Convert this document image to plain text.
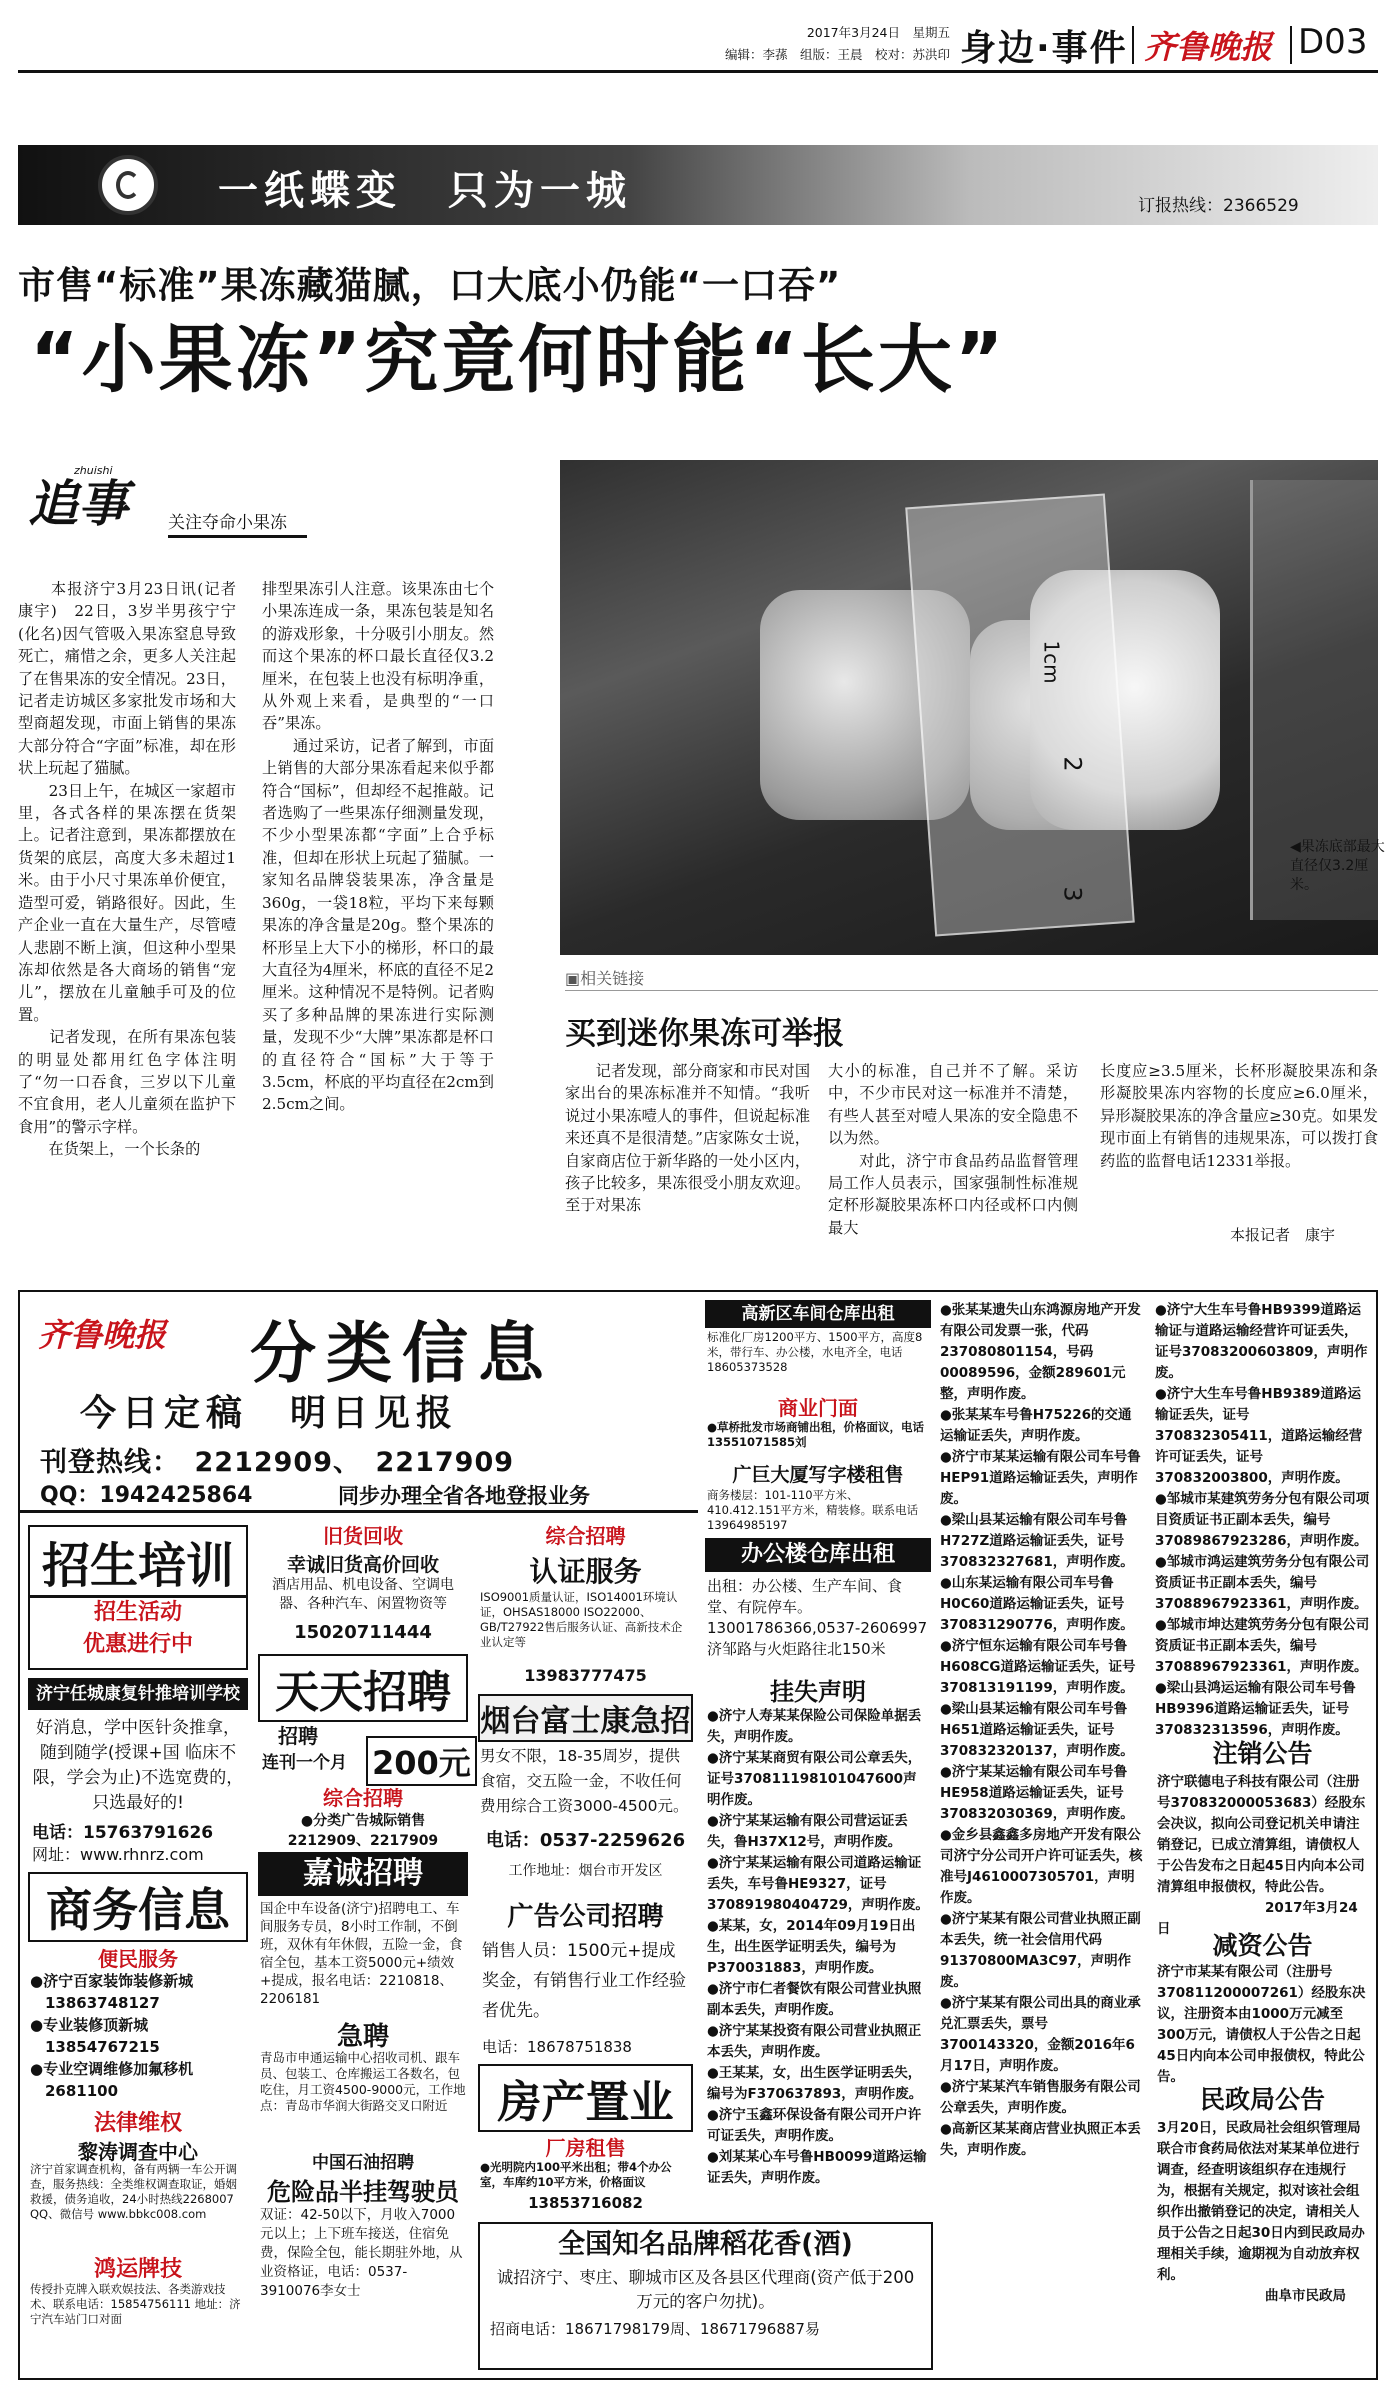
2017年3月24日　星期五
编辑：李蓀　组版：王晨　校对：苏洪印 身边·事件 齐鲁晚报 D03
一纸蝶变　只为一城	订报热线：2366529
市售“标准”果冻藏猫腻，口大底小仍能“一口吞”
“小果冻”究竟何时能“长大”
追事
zhuishi
关注夺命小果冻
　　本报济宁3月23日讯(记者　康宇)　22日，3岁半男孩宁宁(化名)因气管吸入果冻窒息导致死亡，痛惜之余，更多人关注起了在售果冻的安全情况。23日，记者走访城区多家批发市场和大型商超发现，市面上销售的果冻大部分符合“字面”标准，却在形状上玩起了猫腻。
　　23日上午，在城区一家超市里，各式各样的果冻摆在货架上。记者注意到，果冻都摆放在货架的底层，高度大多未超过1米。由于小尺寸果冻单价便宜，造型可爱，销路很好。因此，生产企业一直在大量生产，尽管噎人悲剧不断上演，但这种小型果冻却依然是各大商场的销售“宠儿”，摆放在儿童触手可及的位置。
　　记者发现，在所有果冻包装的明显处都用红色字体注明了“勿一口吞食，三岁以下儿童不宜食用，老人儿童须在监护下食用”的警示字样。
　　在货架上，一个长条的
排型果冻引人注意。该果冻由七个小果冻连成一条，果冻包装是知名的游戏形象，十分吸引小朋友。然而这个果冻的杯口最长直径仅3.2厘米，在包装上也没有标明净重，从外观上来看，是典型的“一口吞”果冻。
　　通过采访，记者了解到，市面上销售的大部分果冻看起来似乎都符合“国标”，但却经不起推敲。记者选购了一些果冻仔细测量发现，不少小型果冻都“字面”上合乎标准，但却在形状上玩起了猫腻。一家知名品牌袋装果冻，净含量是360g，一袋18粒，平均下来每颗果冻的净含量是20g。整个果冻的杯形呈上大下小的梯形，杯口的最大直径为4厘米，杯底的直径不足2厘米。这种情况不是特例。记者购买了多种品牌的果冻进行实际测量，发现不少“大牌”果冻都是杯口的直径符合“国标”大于等于3.5cm，杯底的平均直径在2cm到2.5cm之间。
1cm
2
3
◀果冻底部最大直径仅3.2厘米。
▣相关链接
买到迷你果冻可举报
　　记者发现，部分商家和市民对国家出台的果冻标准并不知情。“我听说过小果冻噎人的事件，但说起标准来还真不是很清楚。”店家陈女士说，自家商店位于新华路的一处小区内，孩子比较多，果冻很受小朋友欢迎。至于对果冻
大小的标准，自己并不了解。采访中，不少市民对这一标准并不清楚，有些人甚至对噎人果冻的安全隐患不以为然。
　　对此，济宁市食品药品监督管理局工作人员表示，国家强制性标准规定杯形凝胶果冻杯口内径或杯口内侧最大
长度应≥3.5厘米，长杯形凝胶果冻和条形凝胶果冻内容物的长度应≥6.0厘米，异形凝胶果冻的净含量应≥30克。如果发现市面上有销售的违规果冻，可以拨打食药监的监督电话12331举报。
本报记者　康宇
齐鲁晚报 分类信息
今日定稿　明日见报
刊登热线：　2212909、　2217909
QQ：1942425864	同步办理全省各地登报业务
招生培训
招生活动
优惠进行中
济宁任城康复针推培训学校
好消息，学中医针灸推拿，随到随学(授课+国 临床不限，学会为止)不选宽费的，只选最好的!
电话：15763791626
网址：www.rhnrz.com
商务信息
便民服务
●济宁百家装饰装修新城
　13863748127
●专业装修顶新城
　13854767215
●专业空调维修加氟移机
　2681100
法律维权
黎涛调查中心
济宁首家调查机构，备有两辆一车公开调查，服务热线：全类维权调查取证，婚姻救援，债务追收，24小时热线2268007 QQ、微信号 www.bbkc008.com
鸿运牌技
传授扑克牌入联欢娱技法、各类游戏技术、联系电话：15854756111 地址：济宁汽车站门口对面
旧货回收
幸诚旧货高价回收
酒店用品、机电设备、空调电器、各种汽车、闲置物资等
15020711444
天天招聘
招聘
连刊一个月 200元
综合招聘
●分类广告城际销售
2212909、2217909
嘉诚招聘
国企中车设备(济宁)招聘电工、车间服务专员，8小时工作制，不倒班，双休有年休假，五险一金，食宿全包，基本工资5000元+绩效+提成，报名电话：2210818、2206181
急聘
青岛市申通运输中心招收司机、跟车员、包装工、仓库搬运工各数名，包吃住，月工资4500-9000元，工作地点：青岛市华润大街路交叉口附近
中国石油招聘
危险品半挂驾驶员
双证：42-50以下，月收入7000元以上；上下班车接送，住宿免费，保险全包，能长期驻外地，从业资格证，电话：0537-3910076李女士
综合招聘
认证服务
ISO9001质量认证，ISO14001环境认证，OHSAS18000 ISO22000、GB/T27922售后服务认证、高新技术企业认定等
13983777475
烟台富士康急招
男女不限，18-35周岁，提供食宿，交五险一金，不收任何费用综合工资3000-4500元。
电话：0537-2259626
工作地址：烟台市开发区
广告公司招聘
销售人员：1500元+提成奖金，有销售行业工作经验者优先。
电话：18678751838
房产置业
厂房租售
●光明院内100平米出租；带4个办公室，车库约10平方米，价格面议
13853716082
全国知名品牌稻花香(酒)
诚招济宁、枣庄、聊城市区及各县区代理商(资产低于200万元的客户勿扰)。
招商电话：18671798179周、18671796887易
高新区车间仓库出租
标准化厂房1200平方、1500平方，高度8米，带行车、办公楼，水电齐全，电话18605373528
商业门面
●草桥批发市场商铺出租，价格面议，电话13551071585刘
广巨大厦写字楼租售
商务楼层：101-110平方米、410.412.151平方米，精装修。联系电话13964985197
办公楼仓库出租
出租：办公楼、生产车间、食堂、有院停车。13001786366,0537-2606997 济邹路与火炬路往北150米
挂失声明
●济宁人寿某某保险公司保险单据丢失，声明作废。
●济宁某某商贸有限公司公章丢失，证号370811198101047600声明作废。
●济宁某某运输有限公司营运证丢失，鲁H37X12号，声明作废。
●济宁某某运输有限公司道路运输证丢失，车号鲁HE9327，证号370891980404729，声明作废。
●某某，女，2014年09月19日出生，出生医学证明丢失，编号为P370031883，声明作废。
●济宁市仁者餐饮有限公司营业执照副本丢失，声明作废。
●济宁某某投资有限公司营业执照正本丢失，声明作废。
●王某某，女，出生医学证明丢失，编号为F370637893，声明作废。
●济宁玉鑫环保设备有限公司开户许可证丢失，声明作废。
●刘某某心车号鲁HB0099道路运输证丢失，声明作废。
●张某某遗失山东鸿源房地产开发有限公司发票一张，代码237080801154，号码00089596，金额289601元整，声明作废。
●张某某车号鲁H75226的交通运输证丢失，声明作废。
●济宁市某某运输有限公司车号鲁HEP91道路运输证丢失，声明作废。
●梁山县某运输有限公司车号鲁H727Z道路运输证丢失，证号370832327681，声明作废。
●山东某运输有限公司车号鲁H0C60道路运输证丢失，证号370831290776，声明作废。
●济宁恒东运输有限公司车号鲁H608CG道路运输证丢失，证号370813191199，声明作废。
●梁山县某运输有限公司车号鲁H651道路运输证丢失，证号370832320137，声明作废。
●济宁某某运输有限公司车号鲁HE958道路运输证丢失，证号370832030369，声明作废。
●金乡县鑫鑫多房地产开发有限公司济宁分公司开户许可证丢失，核准号J4610007305701，声明作废。
●济宁某某有限公司营业执照正副本丢失，统一社会信用代码91370800MA3C97，声明作废。
●济宁某某有限公司出具的商业承兑汇票丢失，票号3700143320，金额2016年6月17日，声明作废。
●济宁某某汽车销售服务有限公司公章丢失，声明作废。
●高新区某某商店营业执照正本丢失，声明作废。
●济宁大生车号鲁HB9399道路运输证与道路运输经营许可证丢失，证号37083200603809，声明作废。
●济宁大生车号鲁HB9389道路运输证丢失，证号370832305411，道路运输经营许可证丢失，证号370832003800，声明作废。
●邹城市某建筑劳务分包有限公司项目资质证书正副本丢失，编号37089867923286，声明作废。
●邹城市鸿运建筑劳务分包有限公司资质证书正副本丢失，编号37088967923361，声明作废。
●邹城市坤达建筑劳务分包有限公司资质证书正副本丢失，编号37088967923361，声明作废。
●梁山县鸿运运输有限公司车号鲁HB9396道路运输证丢失，证号370832313596，声明作废。
注销公告
济宁联德电子科技有限公司（注册号370832000053683）经股东会决议，拟向公司登记机关申请注销登记，已成立清算组，请债权人于公告发布之日起45日内向本公司清算组申报债权，特此公告。
　　　　　　　　2017年3月24日
减资公告
济宁市某某有限公司（注册号370811200007261）经股东决议，注册资本由1000万元减至300万元，请债权人于公告之日起45日内向本公司申报债权，特此公告。
民政局公告
3月20日，民政局社会组织管理局联合市食药局依法对某某单位进行调查，经查明该组织存在违规行为，根据有关规定，拟对该社会组织作出撤销登记的决定，请相关人员于公告之日起30日内到民政局办理相关手续，逾期视为自动放弃权利。
　　　　　　　　曲阜市民政局
